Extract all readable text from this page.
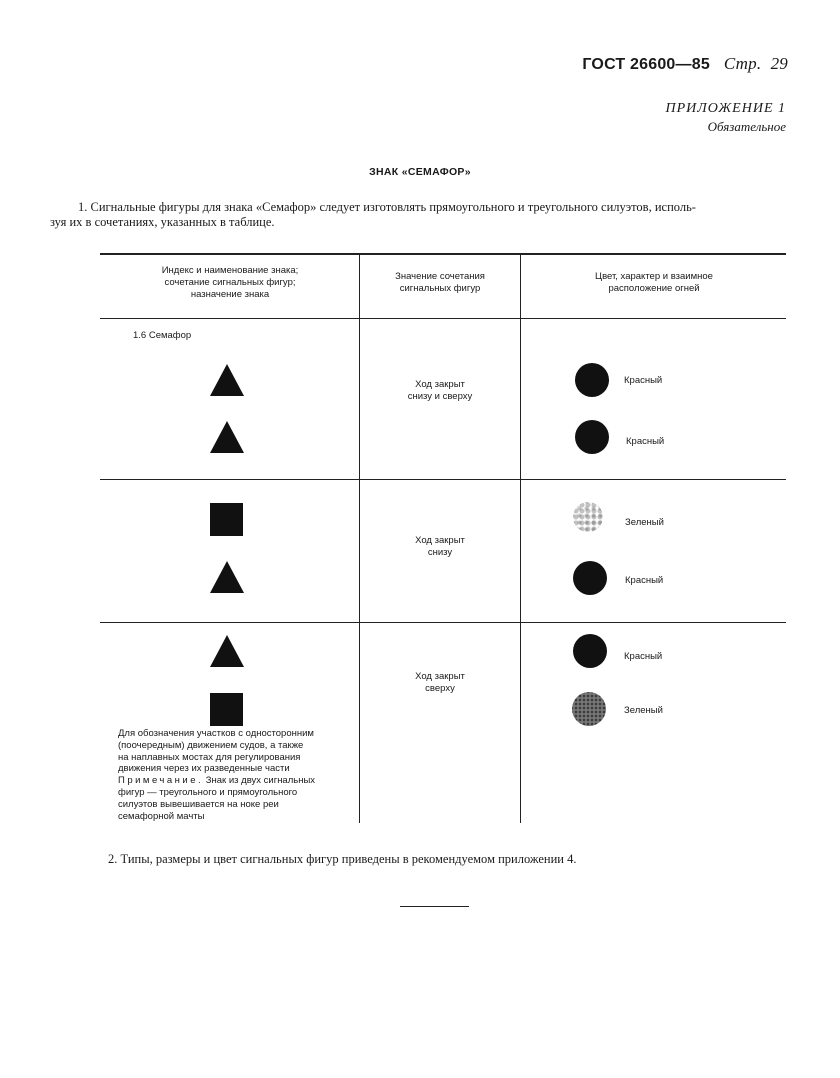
ГОСТ 26600—85 Стр. 29
ПРИЛОЖЕНИЕ 1
Обязательное
ЗНАК «СЕМАФОР»
1. Сигнальные фигуры для знака «Семафор» следует изготовлять прямоугольного и треугольного силуэтов, исполь-
зуя их в сочетаниях, указанных в таблице.
Индекс и наименование знака;
сочетание сигнальных фигур;
назначение знака
Значение сочетания
сигнальных фигур
Цвет, характер и взаимное
расположение огней
1.6 Семафор
Ход закрыт
снизу и сверху
Красный
Красный
Ход закрыт
снизу
Зеленый
Красный
Ход закрыт
сверху
Красный
Зеленый
Для обозначения участков с односторонним
(поочередным) движением судов, а также
на наплавных мостах для регулирования
движения через их разведенные части
Примечание. Знак из двух сигнальных
фигур — треугольного и прямоугольного
силуэтов вывешивается на ноке реи
семафорной мачты
2. Типы, размеры и цвет сигнальных фигур приведены в рекомендуемом приложении 4.
